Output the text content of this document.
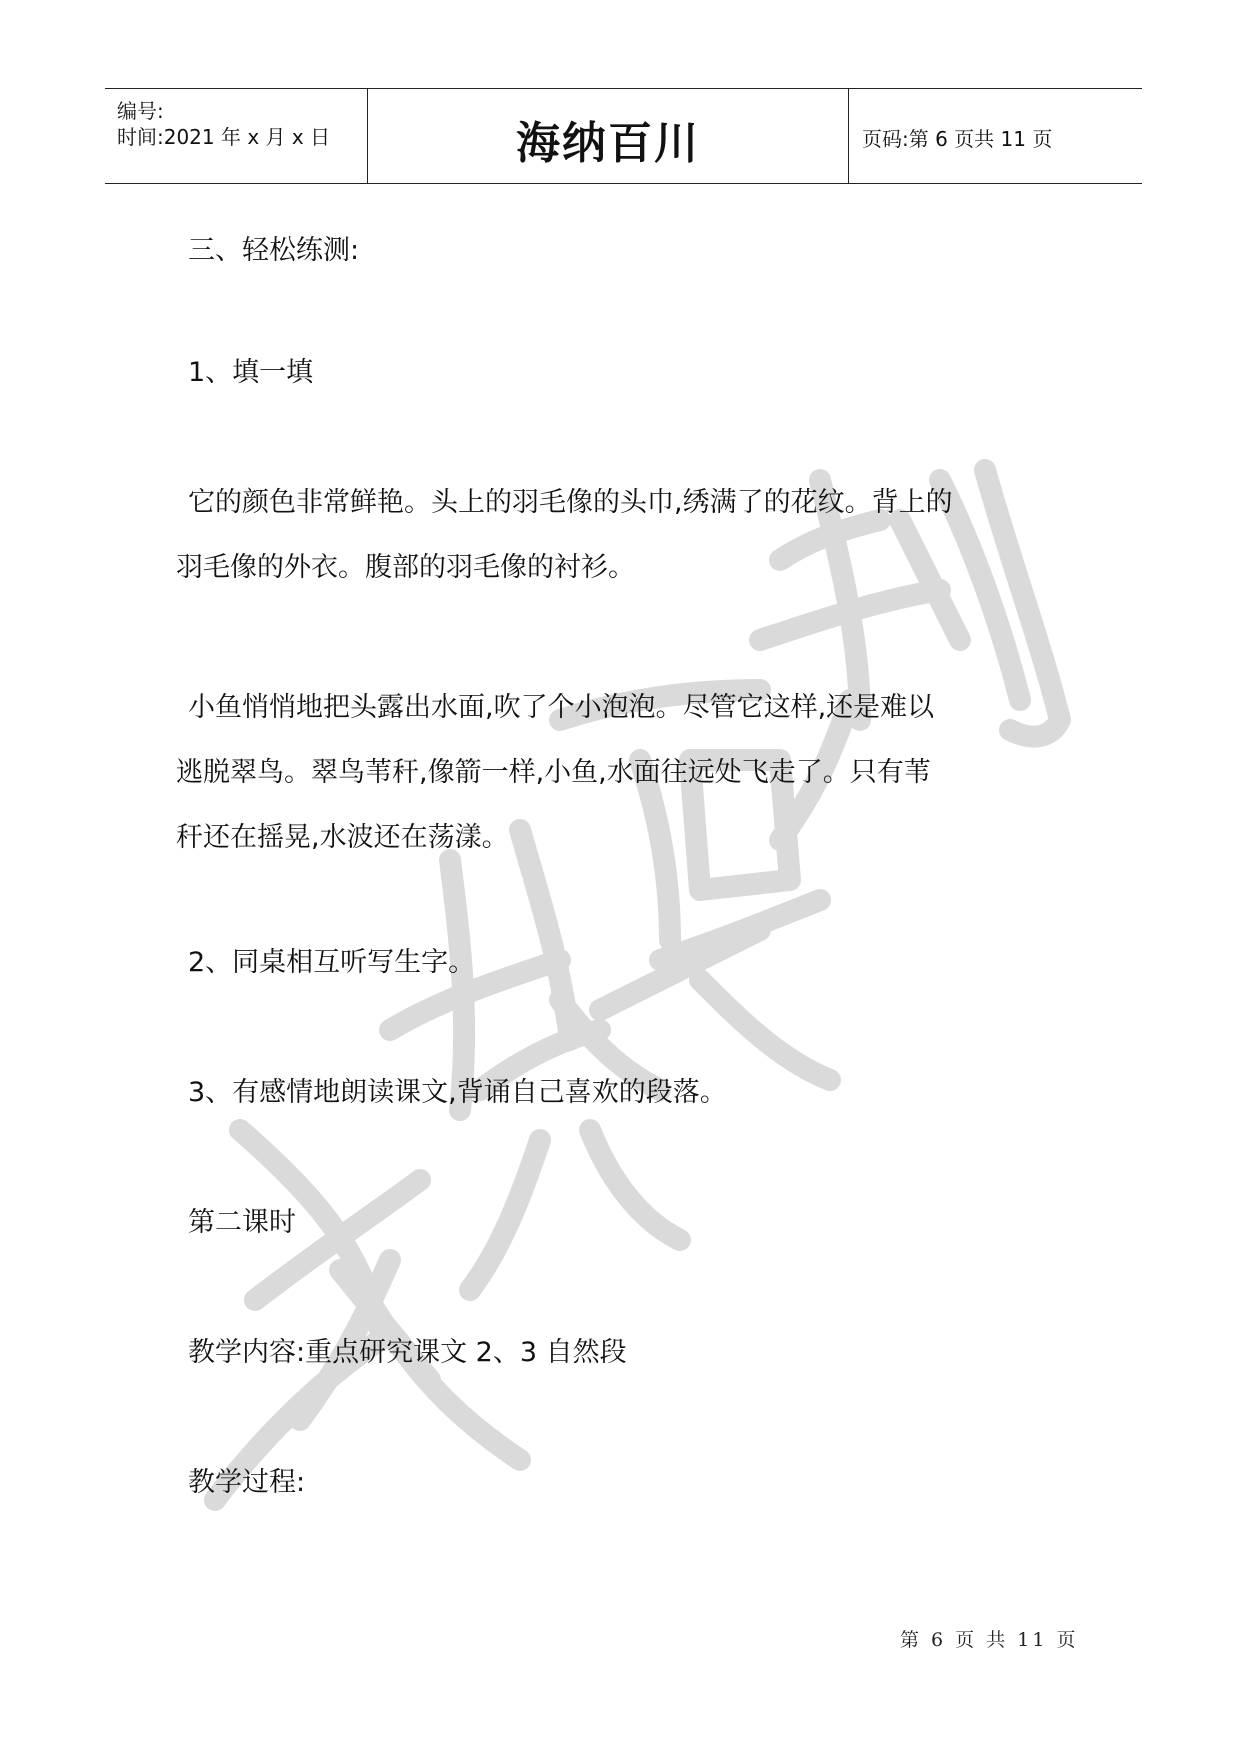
编号:
时间:2021 年 x 月 x 日	海纳百川	页码:第 6 页共 11 页
三、轻松练测:
1、填一填
它的颜色非常鲜艳。头上的羽毛像的头巾,绣满了的花纹。背上的
羽毛像的外衣。腹部的羽毛像的衬衫。
小鱼悄悄地把头露出水面,吹了个小泡泡。尽管它这样,还是难以
逃脱翠鸟。翠鸟苇秆,像箭一样,小鱼,水面往远处飞走了。只有苇
秆还在摇晃,水波还在荡漾。
2、同桌相互听写生字。
3、有感情地朗读课文,背诵自己喜欢的段落。
第二课时
教学内容:重点研究课文 2、3 自然段
教学过程:
第 6 页 共 11 页
